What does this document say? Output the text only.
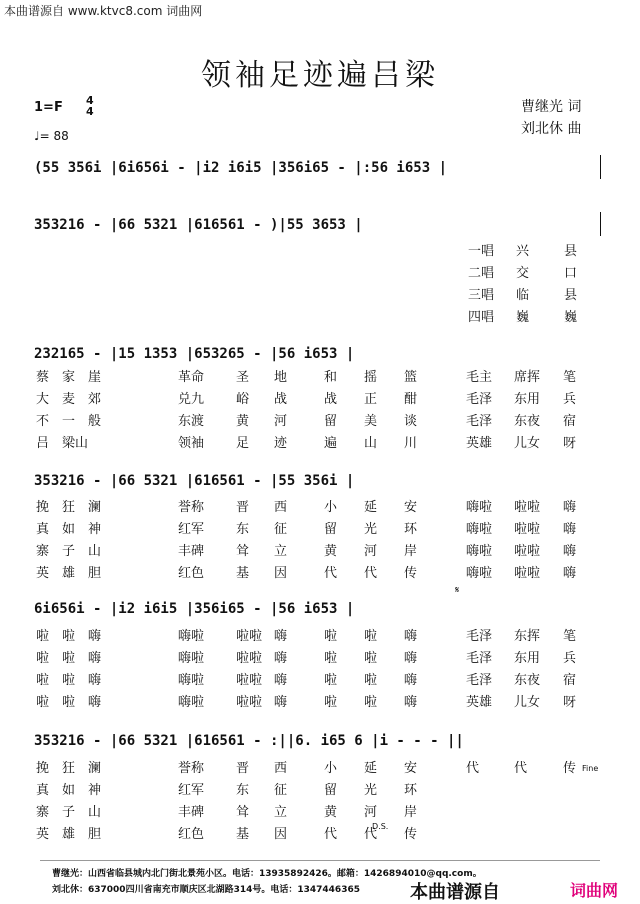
本曲谱源自 www.ktvc8.com 词曲网
领袖足迹遍吕梁
1=F 4
4
♩= 88
曹继光 词
刘北休 曲
(55 356i |6i656i - |i2 i6i5 |356i65 - |:56 i653 |
353216 - |66 5321 |616561 - )|55 3653 |
232165 - |15 1353 |653265 - |56 i653 |
353216 - |66 5321 |616561 - |55 356i |
6i656i - |i2 i6i5 |356i65 - |56 i653 |
353216 - |66 5321 |616561 - :||6. i65 6 |i - - - ||
一唱 兴	县
二唱 交	口
三唱 临	县
四唱 巍	巍
蔡 家 崖	革命 圣 地	和 摇 篮	毛主 席挥 笔
大 麦 郊	兑九 峪 战	战 正 酣	毛泽 东用 兵
不 一 般	东渡 黄 河	留 美 谈	毛泽 东夜 宿
吕 梁山	领袖 足 迹	遍 山 川	英雄 儿女 呀
挽 狂 澜	誉称 晋 西	小 延 安	嗨啦 啦啦 嗨
真 如 神	红军 东 征	留 光 环	嗨啦 啦啦 嗨
寨 子 山	丰碑 耸 立	黄 河 岸	嗨啦 啦啦 嗨
英 雄 胆	红色 基 因	代 代 传	嗨啦 啦啦 嗨
啦 啦 嗨	嗨啦 啦啦 嗨	啦 啦 嗨	毛泽 东挥 笔
啦 啦 嗨	嗨啦 啦啦 嗨	啦 啦 嗨	毛泽 东用 兵
啦 啦 嗨	嗨啦 啦啦 嗨	啦 啦 嗨	毛泽 东夜 宿
啦 啦 嗨	嗨啦 啦啦 嗨	啦 啦 嗨	英雄 儿女 呀
挽 狂 澜	誉称 晋 西	小 延 安	代	代	传
真 如 神	红军 东 征	留 光 环
寨 子 山	丰碑 耸 立	黄 河 岸
英 雄 胆	红色 基 因	代 代 传
𝄋
Fine
D.S.
曹继光：山西省临县城内北门街北景苑小区。电话：13935892426。邮箱：1426894010@qq.com。
刘北休：637000四川省南充市顺庆区北湖路314号。电话：1347446365	本曲谱源自	词曲网
